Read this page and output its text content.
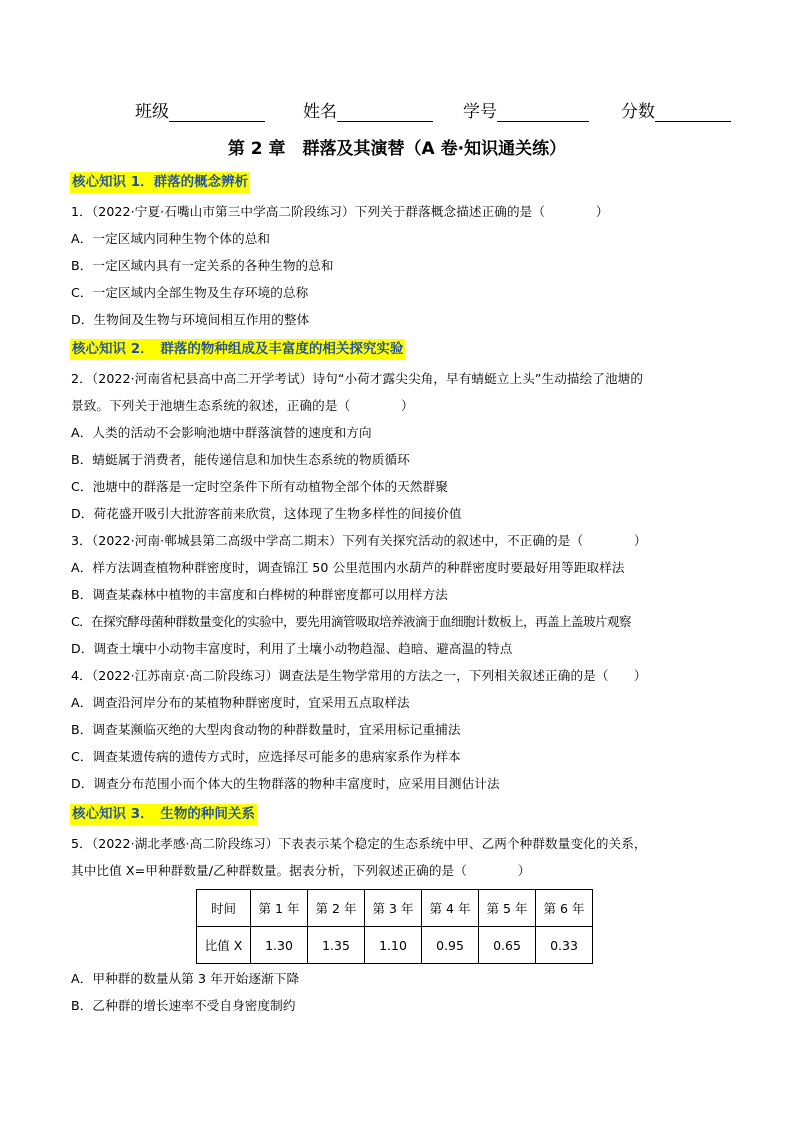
班级	姓名	学号	分数
第 2 章　群落及其演替（A 卷·知识通关练）
核心知识 1．群落的概念辨析
1．（2022·宁夏·石嘴山市第三中学高二阶段练习）下列关于群落概念描述正确的是（　　　　）
A．一定区域内同种生物个体的总和
B．一定区域内具有一定关系的各种生物的总和
C．一定区域内全部生物及生存环境的总称
D．生物间及生物与环境间相互作用的整体
核心知识 2．　群落的物种组成及丰富度的相关探究实验
2．（2022·河南省杞县高中高二开学考试）诗句“小荷才露尖尖角，早有蜻蜓立上头”生动描绘了池塘的
景致。下列关于池塘生态系统的叙述，正确的是（　　　　）
A．人类的活动不会影响池塘中群落演替的速度和方向
B．蜻蜓属于消费者，能传递信息和加快生态系统的物质循环
C．池塘中的群落是一定时空条件下所有动植物全部个体的天然群聚
D．荷花盛开吸引大批游客前来欣赏，这体现了生物多样性的间接价值
3．（2022·河南·郸城县第二高级中学高二期末）下列有关探究活动的叙述中，不正确的是（　　　　）
A．样方法调查植物种群密度时，调查锦江 50 公里范围内水葫芦的种群密度时要最好用等距取样法
B．调查某森林中植物的丰富度和白桦树的种群密度都可以用样方法
C．在探究酵母菌种群数量变化的实验中，要先用滴管吸取培养液滴于血细胞计数板上，再盖上盖玻片观察
D．调查土壤中小动物丰富度时，利用了土壤小动物趋湿、趋暗、避高温的特点
4．（2022·江苏南京·高二阶段练习）调查法是生物学常用的方法之一，下列相关叙述正确的是（　　）
A．调查沿河岸分布的某植物种群密度时，宜采用五点取样法
B．调查某濒临灭绝的大型肉食动物的种群数量时，宜采用标记重捕法
C．调查某遗传病的遗传方式时，应选择尽可能多的患病家系作为样本
D．调查分布范围小而个体大的生物群落的物种丰富度时，应采用目测估计法
核心知识 3．　生物的种间关系
5．（2022·湖北孝感·高二阶段练习）下表表示某个稳定的生态系统中甲、乙两个种群数量变化的关系，
其中比值 X=甲种群数量/乙种群数量。据表分析，下列叙述正确的是（　　　　）
时间	第 1 年	第 2 年	第 3 年	第 4 年	第 5 年	第 6 年
比值 X	1.30	1.35	1.10	0.95	0.65	0.33
A．甲种群的数量从第 3 年开始逐渐下降
B．乙种群的增长速率不受自身密度制约
